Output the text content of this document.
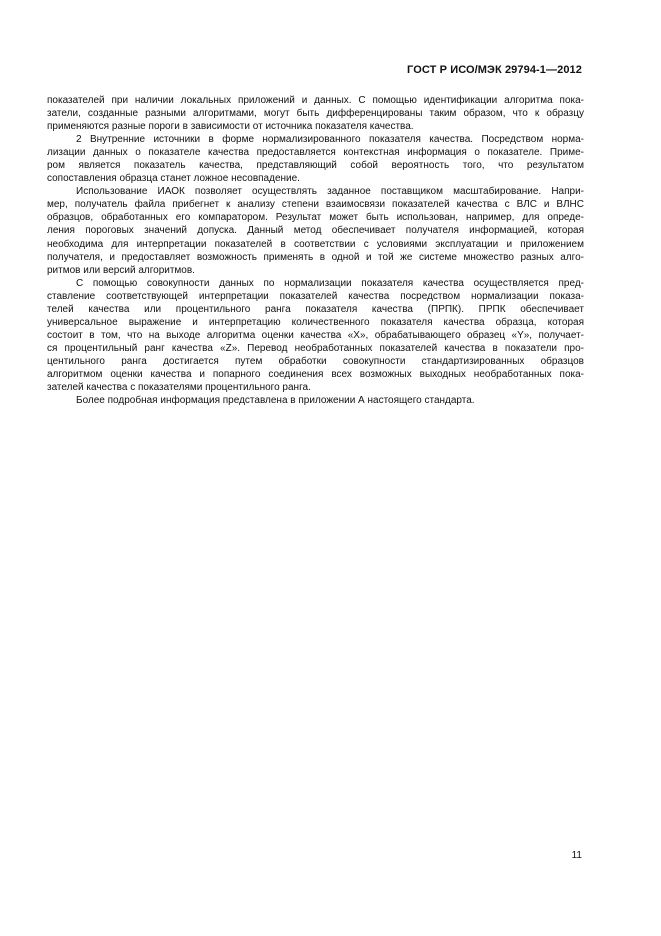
ГОСТ Р ИСО/МЭК 29794-1—2012
показателей при наличии локальных приложений и данных. С помощью идентификации алгоритма пока-
затели, созданные разными алгоритмами, могут быть дифференцированы таким образом, что к образцу
применяются разные пороги в зависимости от источника показателя качества.
2 Внутренние источники в форме нормализированного показателя качества. Посредством норма-
лизации данных о показателе качества предоставляется контекстная информация о показателе. Приме-
ром является показатель качества, представляющий собой вероятность того, что результатом
сопоставления образца станет ложное несовпадение.
Использование ИАОК позволяет осуществлять заданное поставщиком масштабирование. Напри-
мер, получатель файла прибегнет к анализу степени взаимосвязи показателей качества с ВЛС и ВЛНС
образцов, обработанных его компаратором. Результат может быть использован, например, для опреде-
ления пороговых значений допуска. Данный метод обеспечивает получателя информацией, которая
необходима для интерпретации показателей в соответствии с условиями эксплуатации и приложением
получателя, и предоставляет возможность применять в одной и той же системе множество разных алго-
ритмов или версий алгоритмов.
С помощью совокупности данных по нормализации показателя качества осуществляется пред-
ставление соответствующей интерпретации показателей качества посредством нормализации показа-
телей качества или процентильного ранга показателя качества (ПРПК). ПРПК обеспечивает
универсальное выражение и интерпретацию количественного показателя качества образца, которая
состоит в том, что на выходе алгоритма оценки качества «X», обрабатывающего образец «Y», получает-
ся процентильный ранг качества «Z». Перевод необработанных показателей качества в показатели про-
центильного ранга достигается путем обработки совокупности стандартизированных образцов
алгоритмом оценки качества и попарного соединения всех возможных выходных необработанных пока-
зателей качества с показателями процентильного ранга.
Более подробная информация представлена в приложении А настоящего стандарта.
11
